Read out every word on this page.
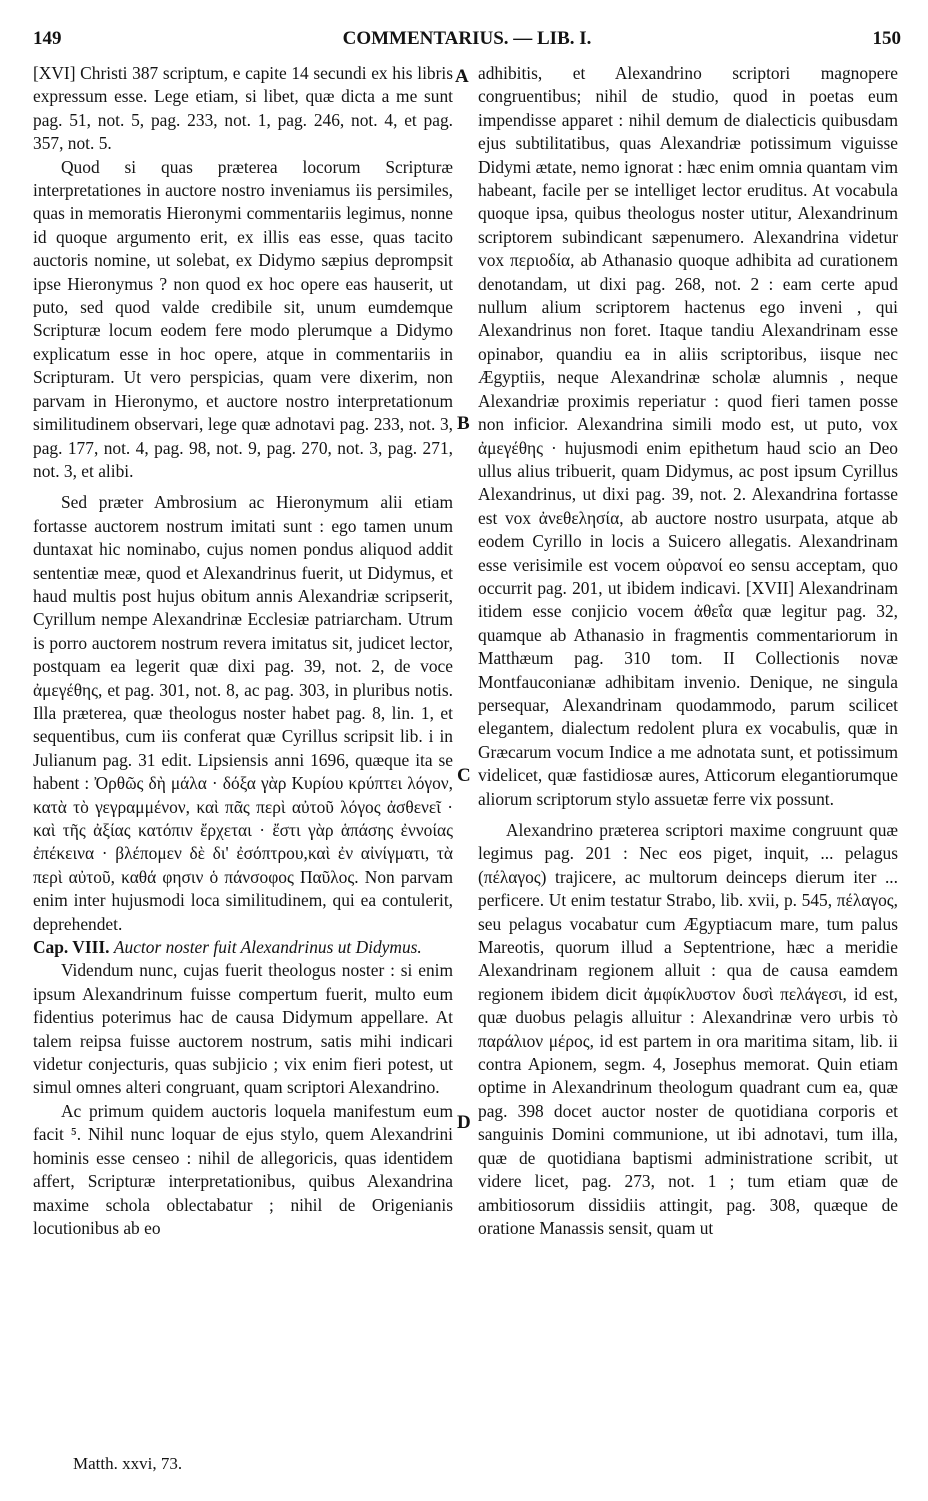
149	COMMENTARIUS. — LIB. I.	150

[XVI] Christi 387 scriptum, e capite 14 secundi ex his libris expressum esse. Lege etiam, si libet, quæ dicta a me sunt pag. 51, not. 5, pag. 233, not. 1, pag. 246, not. 4, et pag. 357, not. 5.

Quod si quas præterea locorum Scripturæ interpretationes in auctore nostro inveniamus iis persimiles, quas in memoratis Hieronymi commentariis legimus, nonne id quoque argumento erit, ex illis eas esse, quas tacito auctoris nomine, ut solebat, ex Didymo sæpius deprompsit ipse Hieronymus ? non quod ex hoc opere eas hauserit, ut puto, sed quod valde credibile sit, unum eumdemque Scripturæ locum eodem fere modo plerumque a Didymo explicatum esse in hoc opere, atque in commentariis in Scripturam. Ut vero perspicias, quam vere dixerim, non parvam in Hieronymo, et auctore nostro interpretationum similitudinem observari, lege quæ adnotavi pag. 233, not. 3, pag. 177, not. 4, pag. 98, not. 9, pag. 270, not. 3, pag. 271, not. 3, et alibi.

Sed præter Ambrosium ac Hieronymum alii etiam fortasse auctorem nostrum imitati sunt : ego tamen unum duntaxat hic nominabo, cujus nomen pondus aliquod addit sententiæ meæ, quod et Alexandrinus fuerit, ut Didymus, et haud multis post hujus obitum annis Alexandriæ scripserit, Cyrillum nempe Alexandrinæ Ecclesiæ patriarcham. Utrum is porro auctorem nostrum revera imitatus sit, judicet lector, postquam ea legerit quæ dixi pag. 39, not. 2, de voce ἀμεγέθης, et pag. 301, not. 8, ac pag. 303, in pluribus notis. Illa præterea, quæ theologus noster habet pag. 8, lin. 1, et sequentibus, cum iis conferat quæ Cyrillus scripsit lib. i in Julianum pag. 31 edit. Lipsiensis anni 1696, quæque ita se habent : Ὀρθῶς δὴ μάλα · δόξα γὰρ Κυρίου κρύπτει λόγον, κατὰ τὸ γεγραμμένον, καὶ πᾶς περὶ αὐτοῦ λόγος ἀσθενεῖ · καὶ τῆς ἀξίας κατόπιν ἔρχεται · ἔστι γὰρ ἁπάσης ἐννοίας ἐπέκεινα · βλέπομεν δὲ δι' ἐσόπτρου,καὶ ἐν αἰνίγματι, τὰ περὶ αὐτοῦ, καθά φησιν ὁ πάνσοφος Παῦλος. Non parvam enim inter hujusmodi loca similitudinem, qui ea contulerit, deprehendet.

Cap. VIII. Auctor noster fuit Alexandrinus ut Didymus.

Videndum nunc, cujas fuerit theologus noster : si enim ipsum Alexandrinum fuisse compertum fuerit, multo eum fidentius poterimus hac de causa Didymum appellare. At talem reipsa fuisse auctorem nostrum, satis mihi indicari videtur conjecturis, quas subjicio ; vix enim fieri potest, ut simul omnes alteri congruant, quam scriptori Alexandrino.

Ac primum quidem auctoris loquela manifestum eum facit ⁵. Nihil nunc loquar de ejus stylo, quem Alexandrini hominis esse censeo : nihil de allegoricis, quas identidem affert, Scripturæ interpretationibus, quibus Alexandrina maxime schola oblectabatur ; nihil de Origenianis locutionibus ab eo

adhibitis, et Alexandrino scriptori magnopere congruentibus; nihil de studio, quod in poetas eum impendisse apparet : nihil demum de dialecticis quibusdam ejus subtilitatibus, quas Alexandriæ potissimum viguisse Didymi ætate, nemo ignorat : hæc enim omnia quantam vim habeant, facile per se intelliget lector eruditus. At vocabula quoque ipsa, quibus theologus noster utitur, Alexandrinum scriptorem subindicant sæpenumero. Alexandrina videtur vox περιοδία, ab Athanasio quoque adhibita ad curationem denotandam, ut dixi pag. 268, not. 2 : eam certe apud nullum alium scriptorem hactenus ego inveni , qui Alexandrinus non foret. Itaque tandiu Alexandrinam esse opinabor, quandiu ea in aliis scriptoribus, iisque nec Ægyptiis, neque Alexandrinæ scholæ alumnis , neque Alexandriæ proximis reperiatur : quod fieri tamen posse non inficior. Alexandrina simili modo est, ut puto, vox ἀμεγέθης · hujusmodi enim epithetum haud scio an Deo ullus alius tribuerit, quam Didymus, ac post ipsum Cyrillus Alexandrinus, ut dixi pag. 39, not. 2. Alexandrina fortasse est vox ἀνεθελησία, ab auctore nostro usurpata, atque ab eodem Cyrillo in locis a Suicero allegatis. Alexandrinam esse verisimile est vocem οὐρανοί eo sensu acceptam, quo occurrit pag. 201, ut ibidem indicavi. [XVII] Alexandrinam itidem esse conjicio vocem ἀθεΐα quæ legitur pag. 32, quamque ab Athanasio in fragmentis commentariorum in Matthæum pag. 310 tom. II Collectionis novæ Montfauconianæ adhibitam invenio. Denique, ne singula persequar, Alexandrinam quodammodo, parum scilicet elegantem, dialectum redolent plura ex vocabulis, quæ in Græcarum vocum Indice a me adnotata sunt, et potissimum videlicet, quæ fastidiosæ aures, Atticorum elegantiorumque aliorum scriptorum stylo assuetæ ferre vix possunt.

Alexandrino præterea scriptori maxime congruunt quæ legimus pag. 201 : Nec eos piget, inquit, ... pelagus (πέλαγος) trajicere, ac multorum deinceps dierum iter ... perficere. Ut enim testatur Strabo, lib. xvii, p. 545, πέλαγος, seu pelagus vocabatur cum Ægyptiacum mare, tum palus Mareotis, quorum illud a Septentrione, hæc a meridie Alexandrinam regionem alluit : qua de causa eamdem regionem ibidem dicit ἀμφίκλυστον δυσὶ πελάγεσι, id est, quæ duobus pelagis alluitur : Alexandrinæ vero urbis τὸ παράλιον μέρος, id est partem in ora maritima sitam, lib. ii contra Apionem, segm. 4, Josephus memorat. Quin etiam optime in Alexandrinum theologum quadrant cum ea, quæ pag. 398 docet auctor noster de quotidiana corporis et sanguinis Domini communione, ut ibi adnotavi, tum illa, quæ de quotidiana baptismi administratione scribit, ut videre licet, pag. 273, not. 1 ; tum etiam quæ de ambitiosorum dissidiis attingit, pag. 308, quæque de oratione Manassis sensit, quam ut

A
B
C
D
Matth. xxvi, 73.
